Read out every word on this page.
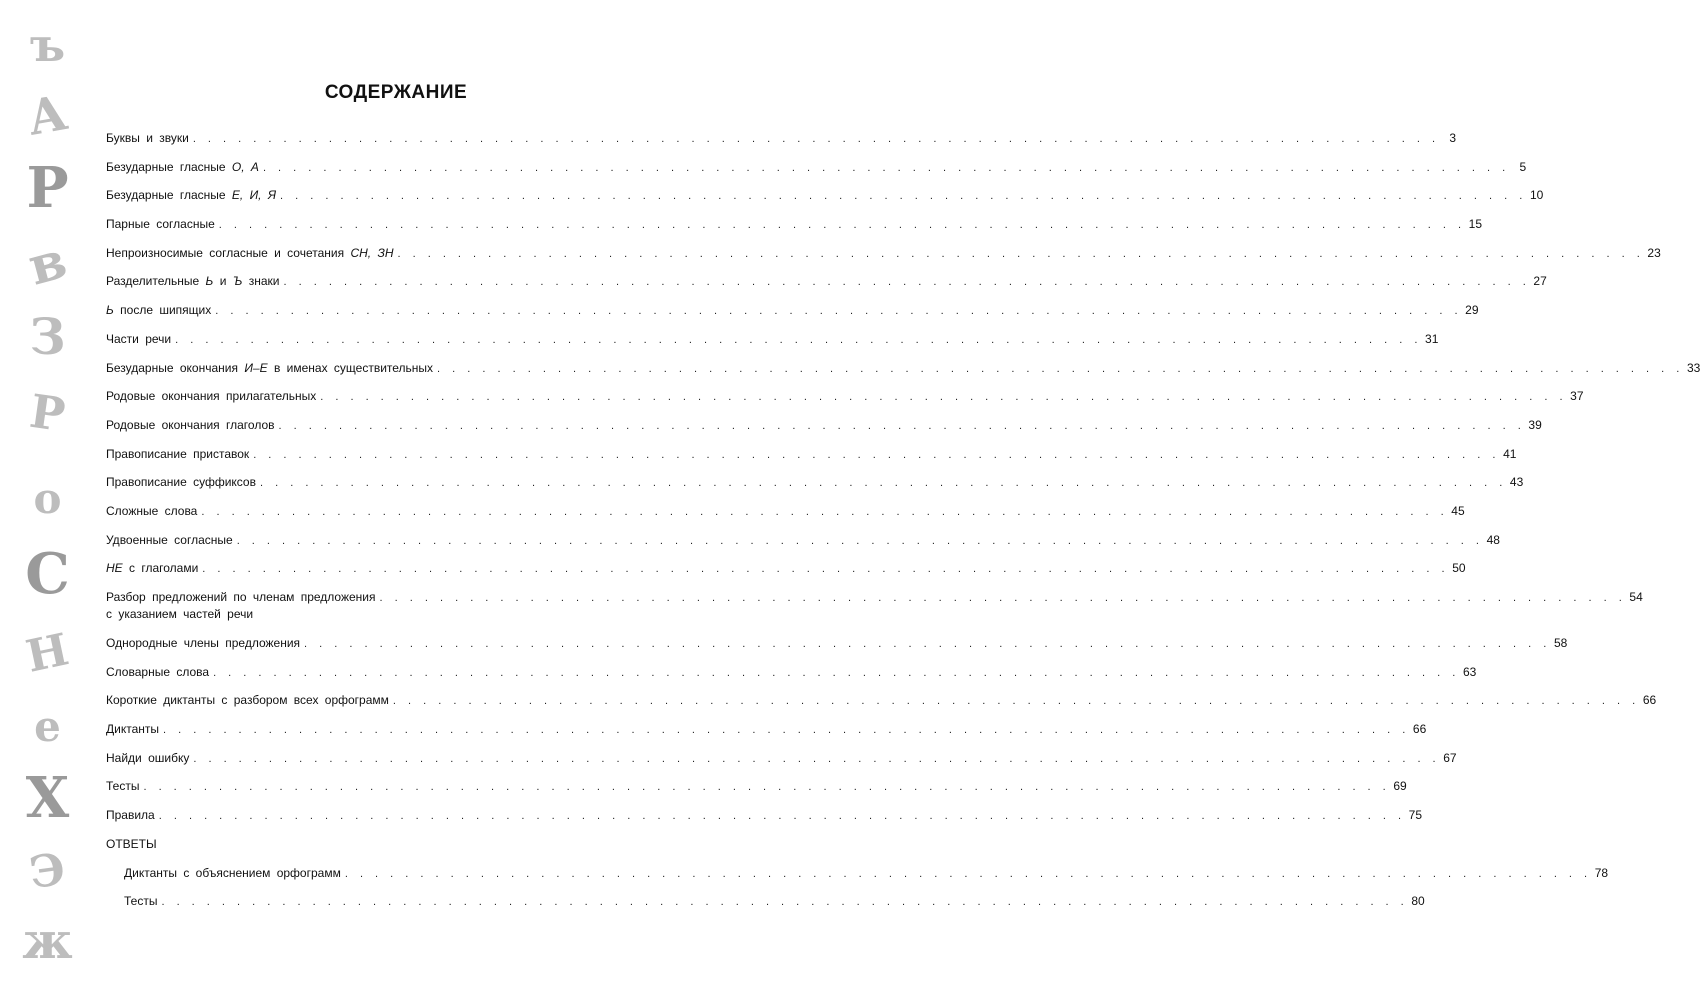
ъ
А
Р
в
З
Р
о
С
Н
е
Х
Э
ж
СОДЕРЖАНИЕ
Буквы и звуки . . . . . . . . . . . . . . . . . . . . . . . . . . . . . . . . . . . . . . . . . . . . . . . . . . . . . . . . . . . . . . . . . . . . . . . . . . . . . . . . . . . 3
Безударные гласные О, А . . . . . . . . . . . . . . . . . . . . . . . . . . . . . . . . . . . . . . . . . . . . . . . . . . . . . . . . . . . . . . . . . . . . . . . . . . . . . . . . . . . 5
Безударные гласные Е, И, Я . . . . . . . . . . . . . . . . . . . . . . . . . . . . . . . . . . . . . . . . . . . . . . . . . . . . . . . . . . . . . . . . . . . . . . . . . . . . . . . . . . . 10
Парные согласные . . . . . . . . . . . . . . . . . . . . . . . . . . . . . . . . . . . . . . . . . . . . . . . . . . . . . . . . . . . . . . . . . . . . . . . . . . . . . . . . . . . 15
Непроизносимые согласные и сочетания СН, ЗН . . . . . . . . . . . . . . . . . . . . . . . . . . . . . . . . . . . . . . . . . . . . . . . . . . . . . . . . . . . . . . . . . . . . . . . . . . . . . . . . . . . 23
Разделительные Ь и Ъ знаки . . . . . . . . . . . . . . . . . . . . . . . . . . . . . . . . . . . . . . . . . . . . . . . . . . . . . . . . . . . . . . . . . . . . . . . . . . . . . . . . . . . 27
Ь после шипящих . . . . . . . . . . . . . . . . . . . . . . . . . . . . . . . . . . . . . . . . . . . . . . . . . . . . . . . . . . . . . . . . . . . . . . . . . . . . . . . . . . . 29
Части речи . . . . . . . . . . . . . . . . . . . . . . . . . . . . . . . . . . . . . . . . . . . . . . . . . . . . . . . . . . . . . . . . . . . . . . . . . . . . . . . . . . . 31
Безударные окончания И–Е в именах существительных . . . . . . . . . . . . . . . . . . . . . . . . . . . . . . . . . . . . . . . . . . . . . . . . . . . . . . . . . . . . . . . . . . . . . . . . . . . . . . . . . . . 33
Родовые окончания прилагательных . . . . . . . . . . . . . . . . . . . . . . . . . . . . . . . . . . . . . . . . . . . . . . . . . . . . . . . . . . . . . . . . . . . . . . . . . . . . . . . . . . . 37
Родовые окончания глаголов . . . . . . . . . . . . . . . . . . . . . . . . . . . . . . . . . . . . . . . . . . . . . . . . . . . . . . . . . . . . . . . . . . . . . . . . . . . . . . . . . . . 39
Правописание приставок . . . . . . . . . . . . . . . . . . . . . . . . . . . . . . . . . . . . . . . . . . . . . . . . . . . . . . . . . . . . . . . . . . . . . . . . . . . . . . . . . . . 41
Правописание суффиксов . . . . . . . . . . . . . . . . . . . . . . . . . . . . . . . . . . . . . . . . . . . . . . . . . . . . . . . . . . . . . . . . . . . . . . . . . . . . . . . . . . . 43
Сложные слова . . . . . . . . . . . . . . . . . . . . . . . . . . . . . . . . . . . . . . . . . . . . . . . . . . . . . . . . . . . . . . . . . . . . . . . . . . . . . . . . . . . 45
Удвоенные согласные . . . . . . . . . . . . . . . . . . . . . . . . . . . . . . . . . . . . . . . . . . . . . . . . . . . . . . . . . . . . . . . . . . . . . . . . . . . . . . . . . . . 48
НЕ с глаголами . . . . . . . . . . . . . . . . . . . . . . . . . . . . . . . . . . . . . . . . . . . . . . . . . . . . . . . . . . . . . . . . . . . . . . . . . . . . . . . . . . . 50
Разбор предложений по членам предложения
с указанием частей речи
. . . . . . . . . . . . . . . . . . . . . . . . . . . . . . . . . . . . . . . . . . . . . . . . . . . . . . . . . . . . . . . . . . . . . . . . . . . . . . . . . . . 54
Однородные члены предложения . . . . . . . . . . . . . . . . . . . . . . . . . . . . . . . . . . . . . . . . . . . . . . . . . . . . . . . . . . . . . . . . . . . . . . . . . . . . . . . . . . . 58
Словарные слова . . . . . . . . . . . . . . . . . . . . . . . . . . . . . . . . . . . . . . . . . . . . . . . . . . . . . . . . . . . . . . . . . . . . . . . . . . . . . . . . . . . 63
Короткие диктанты с разбором всех орфограмм . . . . . . . . . . . . . . . . . . . . . . . . . . . . . . . . . . . . . . . . . . . . . . . . . . . . . . . . . . . . . . . . . . . . . . . . . . . . . . . . . . . 66
Диктанты . . . . . . . . . . . . . . . . . . . . . . . . . . . . . . . . . . . . . . . . . . . . . . . . . . . . . . . . . . . . . . . . . . . . . . . . . . . . . . . . . . . 66
Найди ошибку . . . . . . . . . . . . . . . . . . . . . . . . . . . . . . . . . . . . . . . . . . . . . . . . . . . . . . . . . . . . . . . . . . . . . . . . . . . . . . . . . . . 67
Тесты . . . . . . . . . . . . . . . . . . . . . . . . . . . . . . . . . . . . . . . . . . . . . . . . . . . . . . . . . . . . . . . . . . . . . . . . . . . . . . . . . . . 69
Правила . . . . . . . . . . . . . . . . . . . . . . . . . . . . . . . . . . . . . . . . . . . . . . . . . . . . . . . . . . . . . . . . . . . . . . . . . . . . . . . . . . . 75
ОТВЕТЫ
Диктанты с объяснением орфограмм . . . . . . . . . . . . . . . . . . . . . . . . . . . . . . . . . . . . . . . . . . . . . . . . . . . . . . . . . . . . . . . . . . . . . . . . . . . . . . . . . . . 78
Тесты . . . . . . . . . . . . . . . . . . . . . . . . . . . . . . . . . . . . . . . . . . . . . . . . . . . . . . . . . . . . . . . . . . . . . . . . . . . . . . . . . . . 80
